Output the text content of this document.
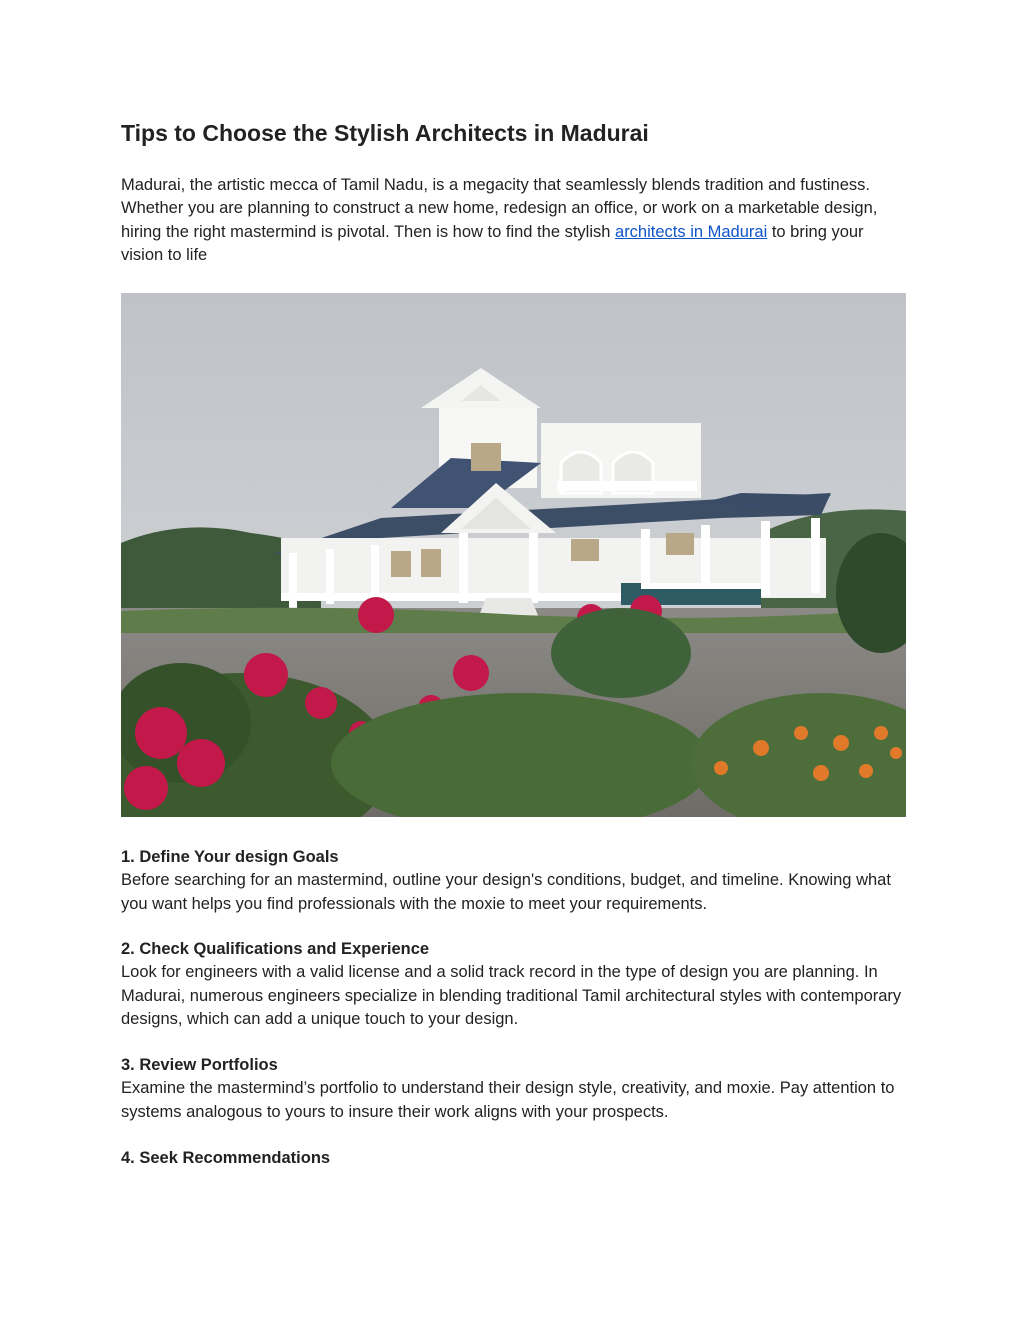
Tips to Choose the Stylish Architects in Madurai

Madurai, the artistic mecca of Tamil Nadu, is a megacity that seamlessly blends tradition and fustiness. Whether you are planning to construct a new home, redesign an office, or work on a marketable design, hiring the right mastermind is pivotal. Then is how to find the stylish architects in Madurai to bring your vision to life

1. Define Your design Goals

Before searching for an mastermind, outline your design's conditions, budget, and timeline. Knowing what you want helps you find professionals with the moxie to meet your requirements.

2. Check Qualifications and Experience

Look for engineers with a valid license and a solid track record in the type of design you are planning. In Madurai, numerous engineers specialize in blending traditional Tamil architectural styles with contemporary designs, which can add a unique touch to your design.

3. Review Portfolios

Examine the mastermind’s portfolio to understand their design style, creativity, and moxie. Pay attention to systems analogous to yours to insure their work aligns with your prospects.

4. Seek Recommendations
